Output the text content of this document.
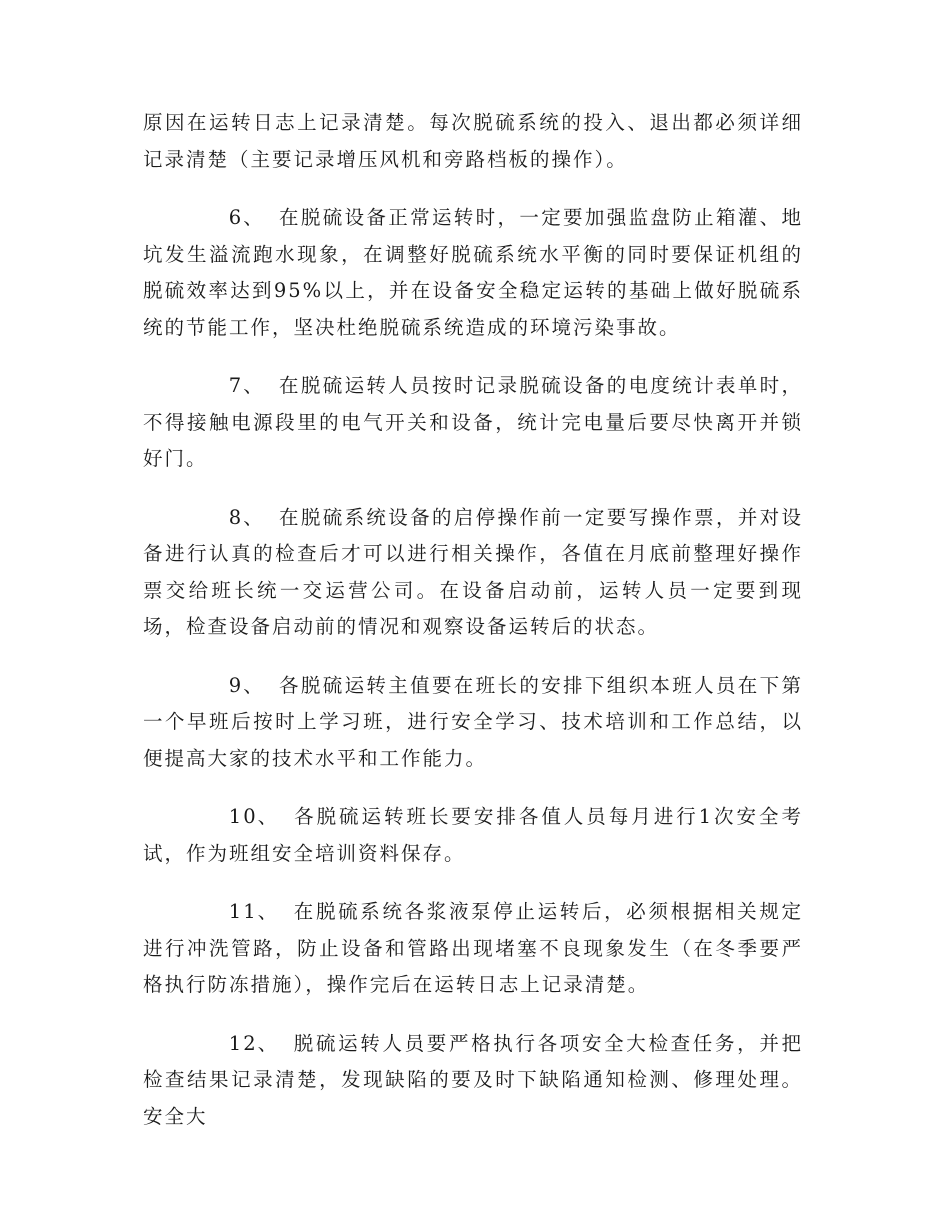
原因在运转日志上记录清楚。每次脱硫系统的投入、退出都必须详细记录清楚（主要记录增压风机和旁路档板的操作）。

6、 在脱硫设备正常运转时，一定要加强监盘防止箱灌、地坑发生溢流跑水现象，在调整好脱硫系统水平衡的同时要保证机组的脱硫效率达到95%以上，并在设备安全稳定运转的基础上做好脱硫系统的节能工作，坚决杜绝脱硫系统造成的环境污染事故。

7、 在脱硫运转人员按时记录脱硫设备的电度统计表单时，不得接触电源段里的电气开关和设备，统计完电量后要尽快离开并锁好门。

8、 在脱硫系统设备的启停操作前一定要写操作票，并对设备进行认真的检查后才可以进行相关操作，各值在月底前整理好操作票交给班长统一交运营公司。在设备启动前，运转人员一定要到现场，检查设备启动前的情况和观察设备运转后的状态。

9、 各脱硫运转主值要在班长的安排下组织本班人员在下第一个早班后按时上学习班，进行安全学习、技术培训和工作总结，以便提高大家的技术水平和工作能力。

10、 各脱硫运转班长要安排各值人员每月进行1次安全考试，作为班组安全培训资料保存。

11、 在脱硫系统各浆液泵停止运转后，必须根据相关规定进行冲洗管路，防止设备和管路出现堵塞不良现象发生（在冬季要严格执行防冻措施），操作完后在运转日志上记录清楚。

12、 脱硫运转人员要严格执行各项安全大检查任务，并把检查结果记录清楚，发现缺陷的要及时下缺陷通知检测、修理处理。安全大
